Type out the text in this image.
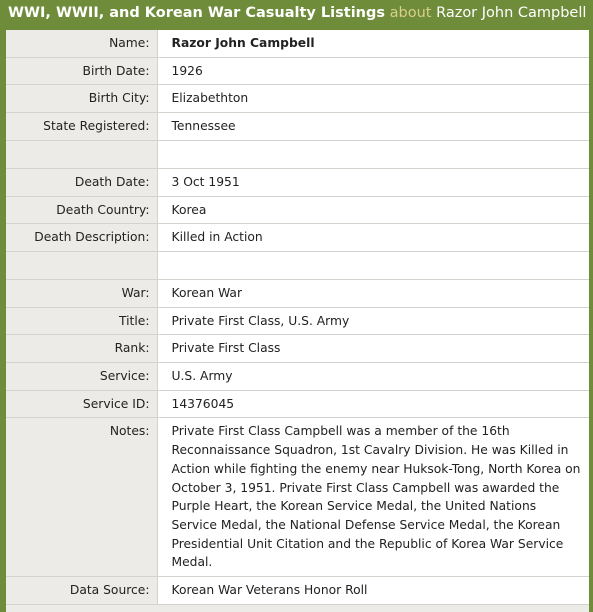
WWI, WWII, and Korean War Casualty Listings about Razor John Campbell
Name:	Razor John Campbell
Birth Date:	1926
Birth City:	Elizabethton
State Registered:	Tennessee

Death Date:	3 Oct 1951
Death Country:	Korea
Death Description:	Killed in Action

War:	Korean War
Title:	Private First Class, U.S. Army
Rank:	Private First Class
Service:	U.S. Army
Service ID:	14376045
Notes:	Private First Class Campbell was a member of the 16th Reconnaissance Squadron, 1st Cavalry Division. He was Killed in Action while fighting the enemy near Huksok-Tong, North Korea on October 3, 1951. Private First Class Campbell was awarded the Purple Heart, the Korean Service Medal, the United Nations Service Medal, the National Defense Service Medal, the Korean Presidential Unit Citation and the Republic of Korea War Service Medal.
Data Source:	Korean War Veterans Honor Roll
